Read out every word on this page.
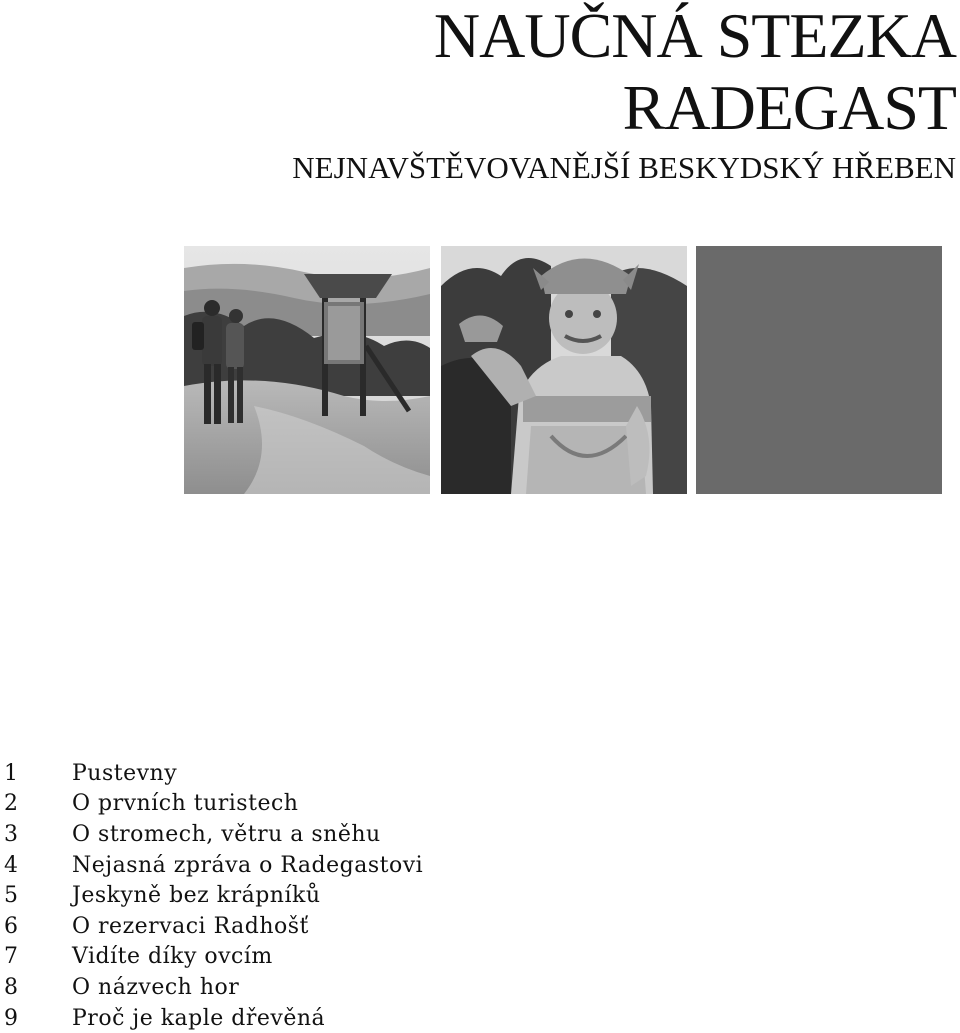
NAUČNÁ STEZKA
RADEGAST
NEJNAVŠTĚVOVANĚJŠÍ BESKYDSKÝ HŘEBEN
1	Pustevny
2	O prvních turistech
3	O stromech, větru a sněhu
4	Nejasná zpráva o Radegastovi
5	Jeskyně bez krápníků
6	O rezervaci Radhošť
7	Vidíte díky ovcím
8	O názvech hor
9	Proč je kaple dřevěná
